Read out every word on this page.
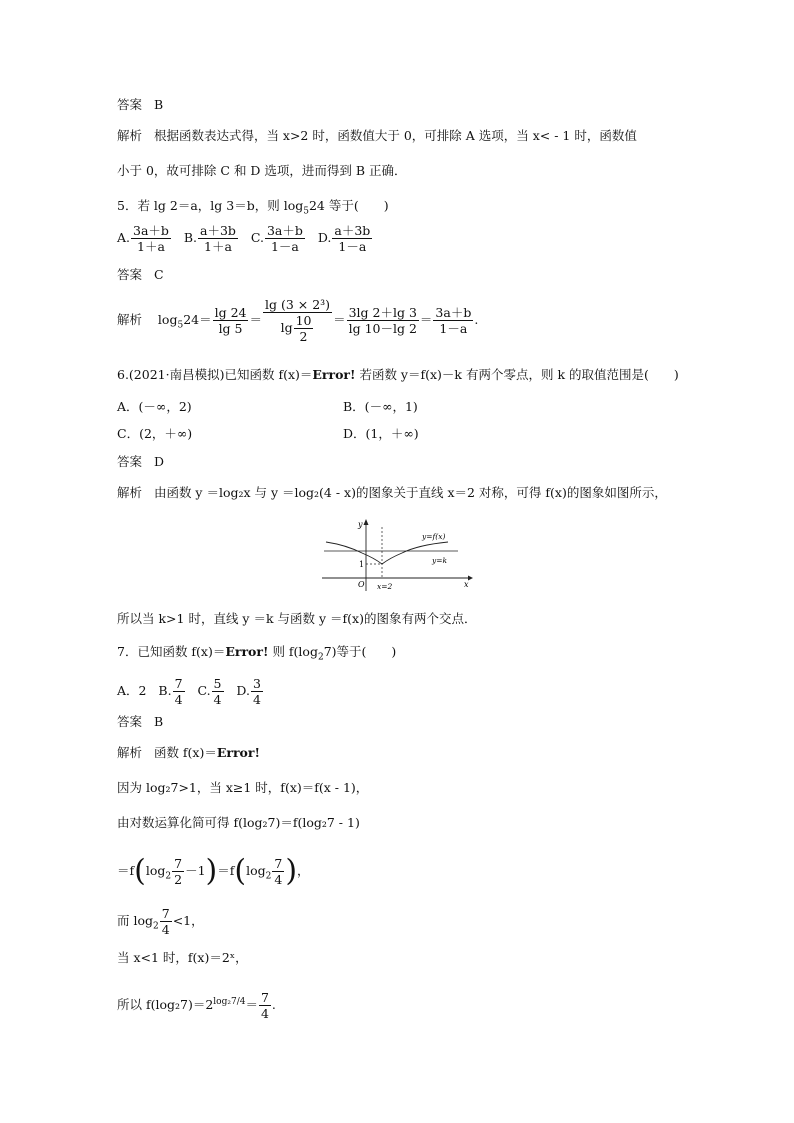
答案 B
解析 根据函数表达式得，当 x>2 时，函数值大于 0，可排除 A 选项，当 x< - 1 时，函数值
小于 0，故可排除 C 和 D 选项，进而得到 B 正确．
5．若 lg 2＝a，lg 3＝b，则 $\log_524$ 等于(　　)
A. $\frac{3a+b}{1+a} B$. $\frac{a+3b}{1+a} C$. $\frac{3a+b}{1-a} D$. $\frac{a+3b}{1-a}$
答案 C
解析 $\log_524= \frac{\lg 24}{\lg 5} = \frac{\text{lg (3 × 2³)}}{\lg \frac{10}{2}} = \frac{3\lg 2+\lg 3}{\lg 10-\lg 2} = \frac{3a+b}{1-a}$ .
6.(2021·南昌模拟)已知函数 f(x)＝Error! 若函数 y＝f(x)－k 有两个零点，则 k 的取值范围是(　　)
A．(－∞，2)	B．(－∞，1)
C．(2，＋∞)	D．(1，＋∞)
答案 D
解析 由函数 y ＝log₂x 与 y ＝log₂(4 - x)的图象关于直线 x＝2 对称，可得 f(x)的图象如图所示，
y
x
O
1
y=f(x)
y=k
x=2
所以当 k>1 时，直线 y ＝k 与函数 y ＝f(x)的图象有两个交点．
7．已知函数 f(x)＝Error! 则 $f(\log_27)$等于(　　)
A．2 B. $\frac{7}{4} C$. $\frac{5}{4} D$. $\frac{3}{4}$
答案 B
解析 函数 f(x)＝Error!
因为 log₂7>1，当 x≥1 时，f(x)＝f(x - 1)，
由对数运算化简可得 f(log₂7)＝f(log₂7 - 1)
$=f(\log_2 \frac{7}{2} -1)=f(\log_2 \frac{7}{4}$ )，
而 $\log_2 \frac{7}{4} <1$，
当 x<1 时，f(x)＝2ˣ，
所以 $f(\log_27)=2^{log_27/4}= \frac{7}{4}$ .
